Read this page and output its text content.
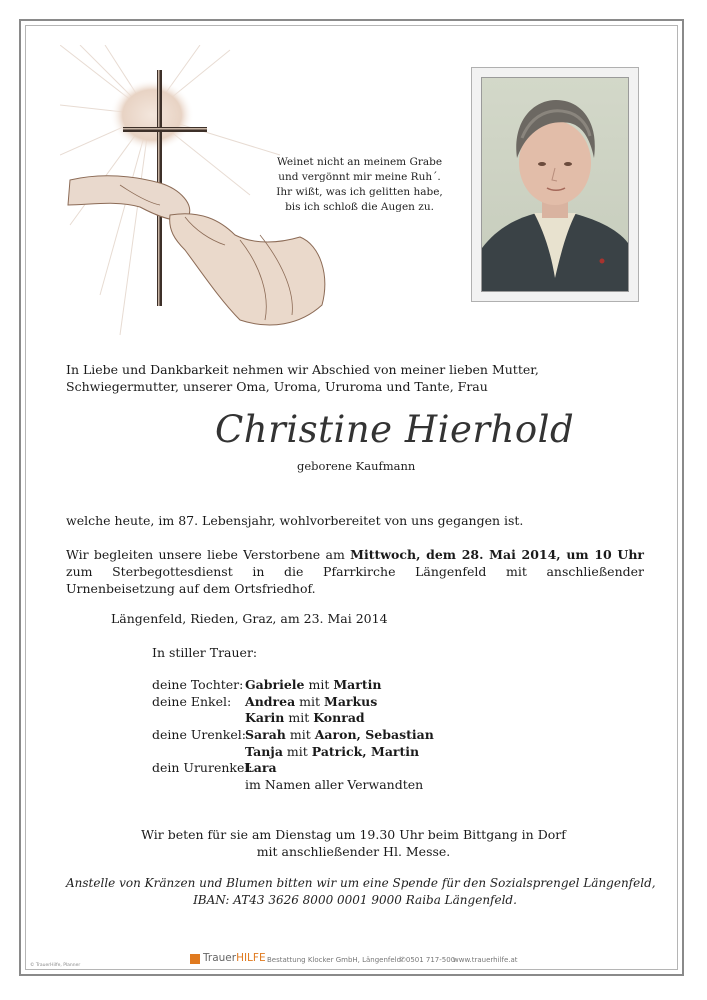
Weinet nicht an meinem Grabe
und vergönnt mir meine Ruh´.
Ihr wißt, was ich gelitten habe,
bis ich schloß die Augen zu.
In Liebe und Dankbarkeit nehmen wir Abschied von meiner lieben Mutter, Schwiegermutter, unserer Oma, Uroma, Ururoma und Tante, Frau
Christine Hierhold
geborene Kaufmann
welche heute, im 87. Lebensjahr, wohlvorbereitet von uns gegangen ist.
Wir begleiten unsere liebe Verstorbene am Mittwoch, dem 28. Mai 2014, um 10 Uhr zum Sterbegottesdienst in die Pfarrkirche Längenfeld mit anschließender Urnenbeisetzung auf dem Ortsfriedhof.
Längenfeld, Rieden, Graz, am 23. Mai 2014
In stiller Trauer:
deine Tochter: Gabriele mit Martin
deine Enkel: Andrea mit Markus
Karin mit Konrad
deine Urenkel: Sarah mit Aaron, Sebastian
Tanja mit Patrick, Martin
dein Ururenkel:
Lara
im Namen aller Verwandten
Wir beten für sie am Dienstag um 19.30 Uhr beim Bittgang in Dorf
mit anschließender Hl. Messe.
Anstelle von Kränzen und Blumen bitten wir um eine Spende für den Sozialsprengel Längenfeld,
IBAN: AT43 3626 8000 0001 9000 Raiba Längenfeld.
TrauerHILFE Bestattung Klocker GmbH, Längenfeld
✆0501 717-500
www.trauerhilfe.at
© TrauerHilfe, Planner
